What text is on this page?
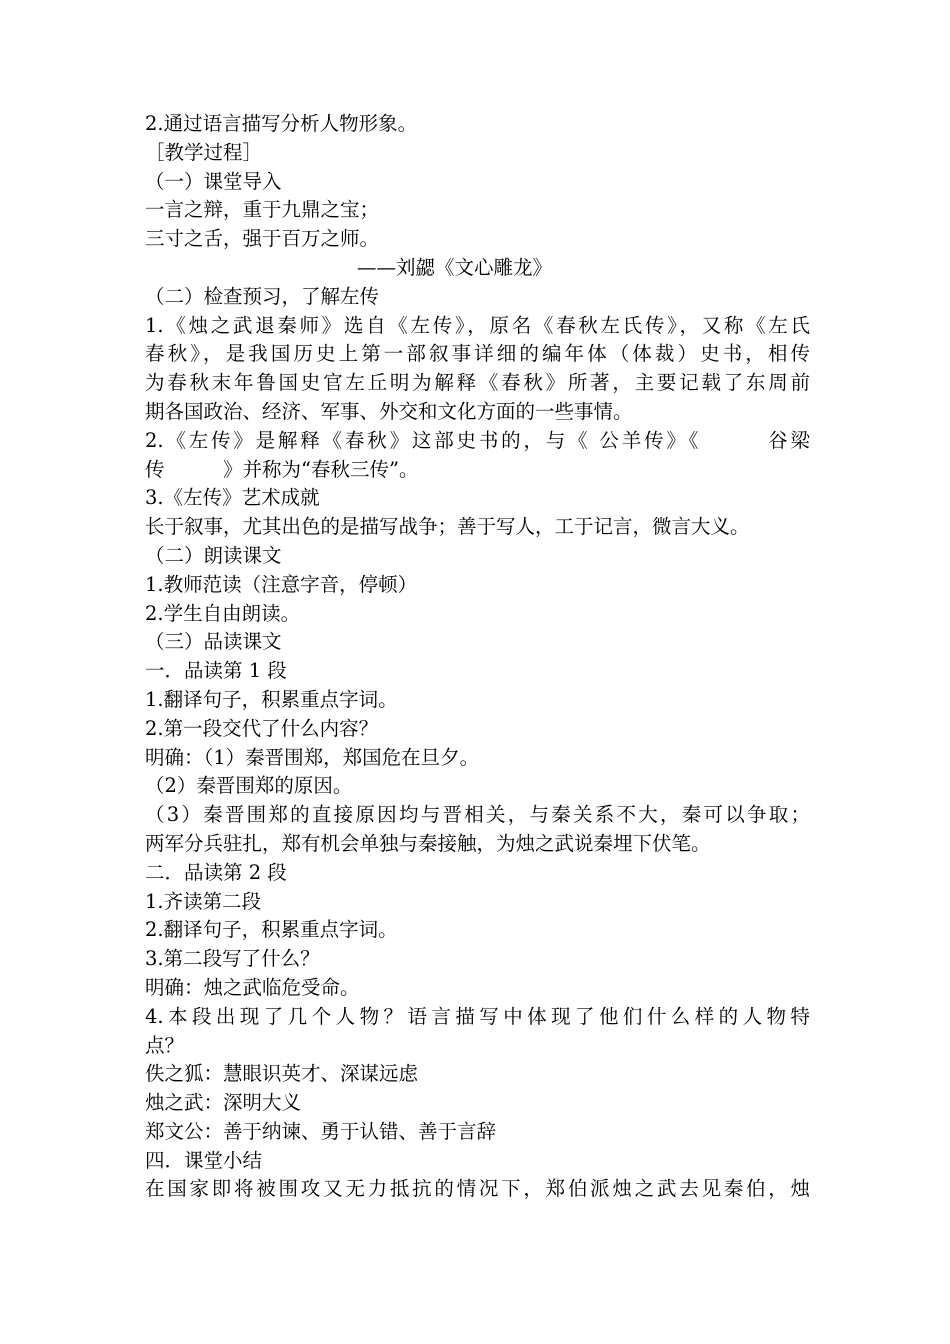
2.通过语言描写分析人物形象。
［教学过程］
（一）课堂导入
一言之辩，重于九鼎之宝；
三寸之舌，强于百万之师。
——刘勰《文心雕龙》
（二）检查预习，了解左传
1.《烛之武退秦师》选自《左传》，原名《春秋左氏传》，又称《左氏
春秋》，是我国历史上第一部叙事详细的编年体（体裁）史书，相传
为春秋末年鲁国史官左丘明为解释《春秋》所著，主要记载了东周前
期各国政治、经济、军事、外交和文化方面的一些事情。
2.《左传》是解释《春秋》这部史书的，与《 公羊传》《　　　谷梁
传　　　》并称为“春秋三传”。
3.《左传》艺术成就
长于叙事，尤其出色的是描写战争；善于写人，工于记言，微言大义。
（二）朗读课文
1.教师范读（注意字音，停顿）
2.学生自由朗读。
（三）品读课文
一．品读第 1 段
1.翻译句子，积累重点字词。
2.第一段交代了什么内容？
明确：（1）秦晋围郑，郑国危在旦夕。
（2）秦晋围郑的原因。
（3）秦晋围郑的直接原因均与晋相关，与秦关系不大，秦可以争取；
两军分兵驻扎，郑有机会单独与秦接触，为烛之武说秦埋下伏笔。
二．品读第 2 段
1.齐读第二段
2.翻译句子，积累重点字词。
3.第二段写了什么？
明确：烛之武临危受命。
4.本段出现了几个人物？语言描写中体现了他们什么样的人物特
点？
佚之狐：慧眼识英才、深谋远虑
烛之武：深明大义
郑文公：善于纳谏、勇于认错、善于言辞
四．课堂小结
在国家即将被围攻又无力抵抗的情况下，郑伯派烛之武去见秦伯，烛
